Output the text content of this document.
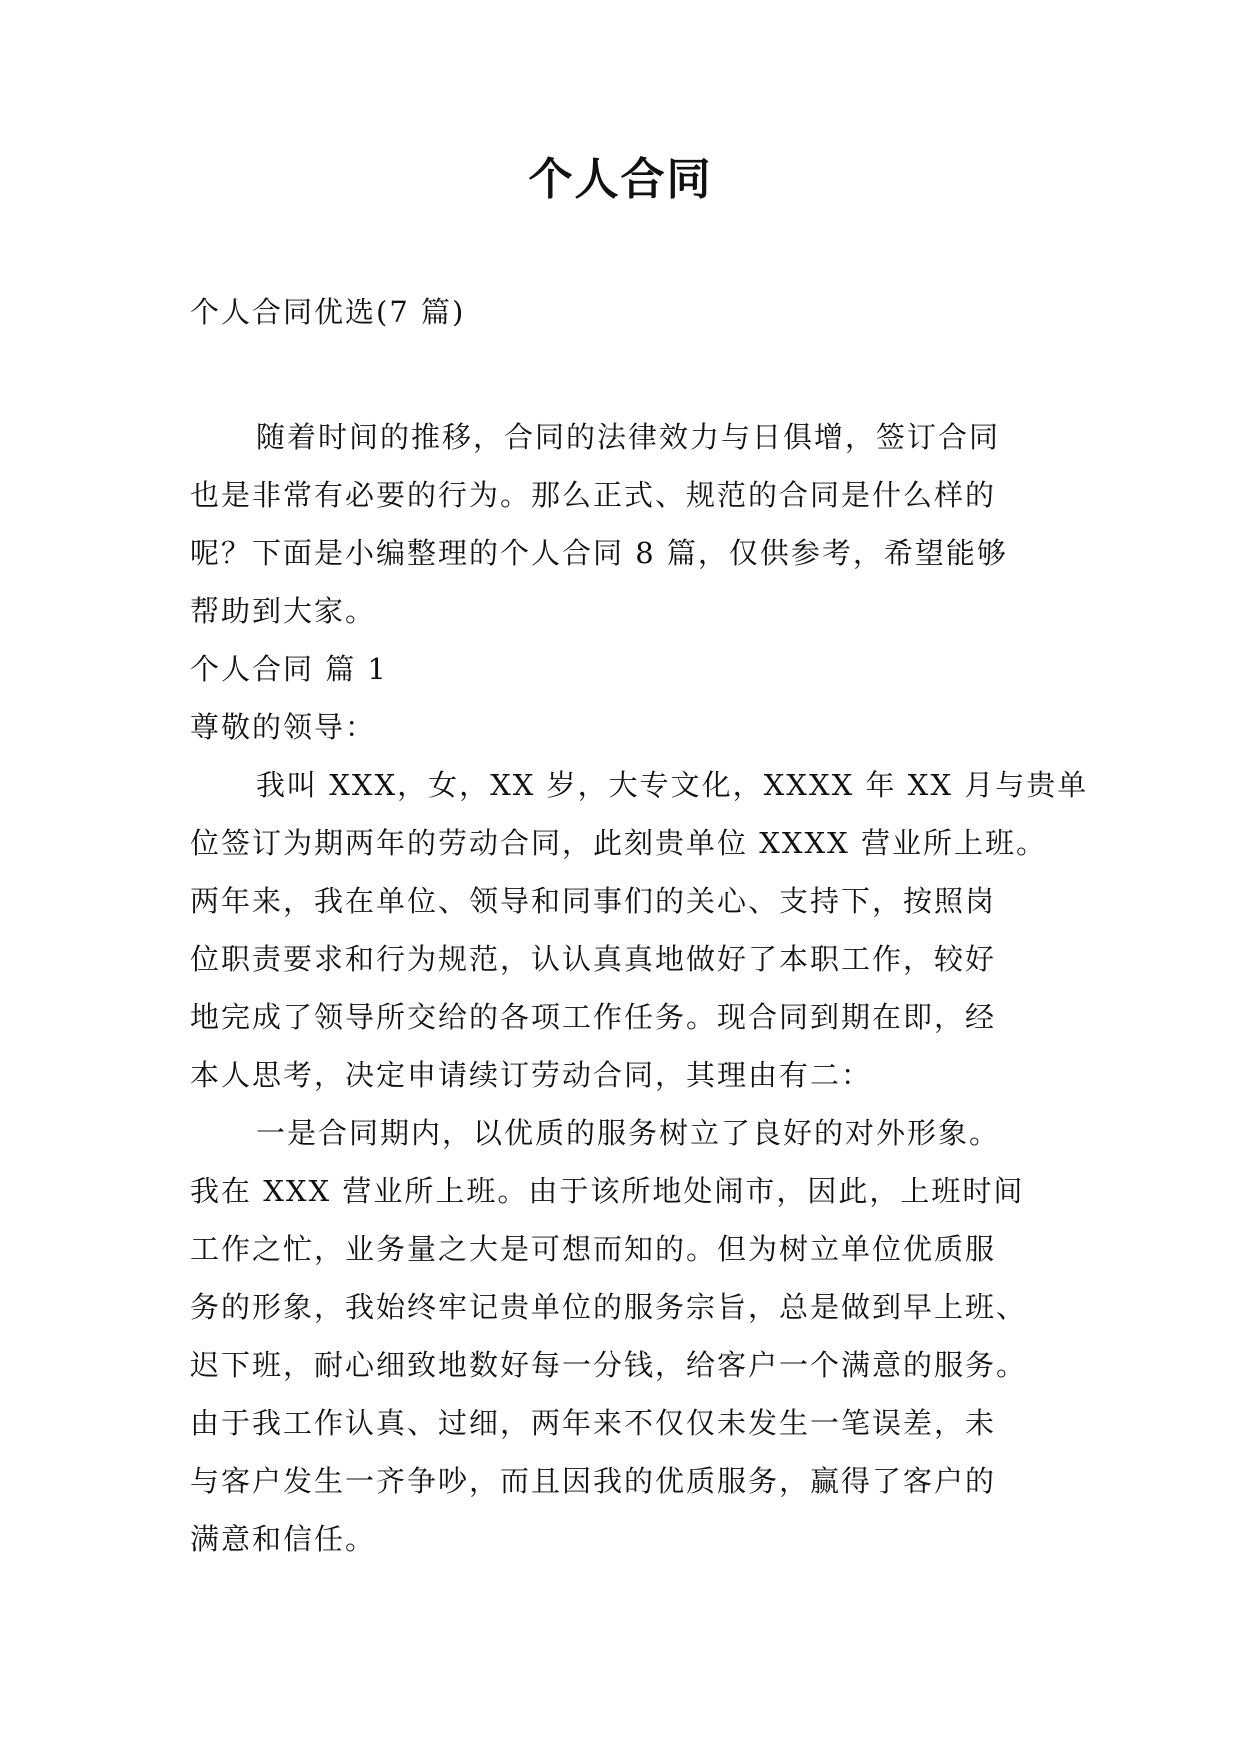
个人合同
个人合同优选(7 篇)
随着时间的推移，合同的法律效力与日俱增，签订合同
也是非常有必要的行为。那么正式、规范的合同是什么样的
呢？下面是小编整理的个人合同 8 篇，仅供参考，希望能够
帮助到大家。
个人合同 篇 1
尊敬的领导：
我叫 XXX，女，XX 岁，大专文化，XXXX 年 XX 月与贵单
位签订为期两年的劳动合同，此刻贵单位 XXXX 营业所上班。
两年来，我在单位、领导和同事们的关心、支持下，按照岗
位职责要求和行为规范，认认真真地做好了本职工作，较好
地完成了领导所交给的各项工作任务。现合同到期在即，经
本人思考，决定申请续订劳动合同，其理由有二：
一是合同期内，以优质的服务树立了良好的对外形象。
我在 XXX 营业所上班。由于该所地处闹市，因此，上班时间
工作之忙，业务量之大是可想而知的。但为树立单位优质服
务的形象，我始终牢记贵单位的服务宗旨，总是做到早上班、
迟下班，耐心细致地数好每一分钱，给客户一个满意的服务。
由于我工作认真、过细，两年来不仅仅未发生一笔误差，未
与客户发生一齐争吵，而且因我的优质服务，赢得了客户的
满意和信任。
